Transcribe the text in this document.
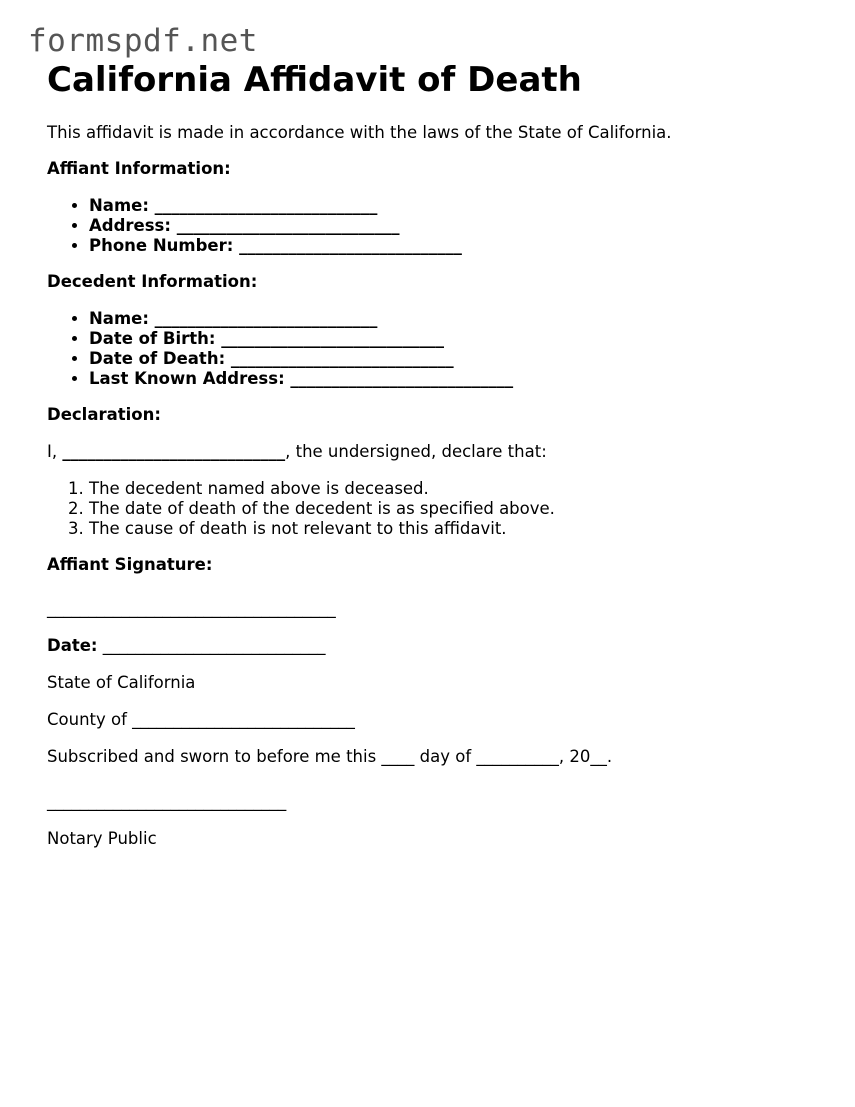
formspdf.net
California Affidavit of Death

This affidavit is made in accordance with the laws of the State of California.

Affiant Information:

• Name: ___________________________
• Address: ___________________________
• Phone Number: ___________________________

Decedent Information:

• Name: ___________________________
• Date of Birth: ___________________________
• Date of Death: ___________________________
• Last Known Address: ___________________________

Declaration:

I, ___________________________, the undersigned, declare that:

1. The decedent named above is deceased.
2. The date of death of the decedent is as specified above.
3. The cause of death is not relevant to this affidavit.

Affiant Signature:

___________________________________

Date: ___________________________

State of California

County of ___________________________

Subscribed and sworn to before me this ____ day of __________, 20__.

_____________________________

Notary Public
